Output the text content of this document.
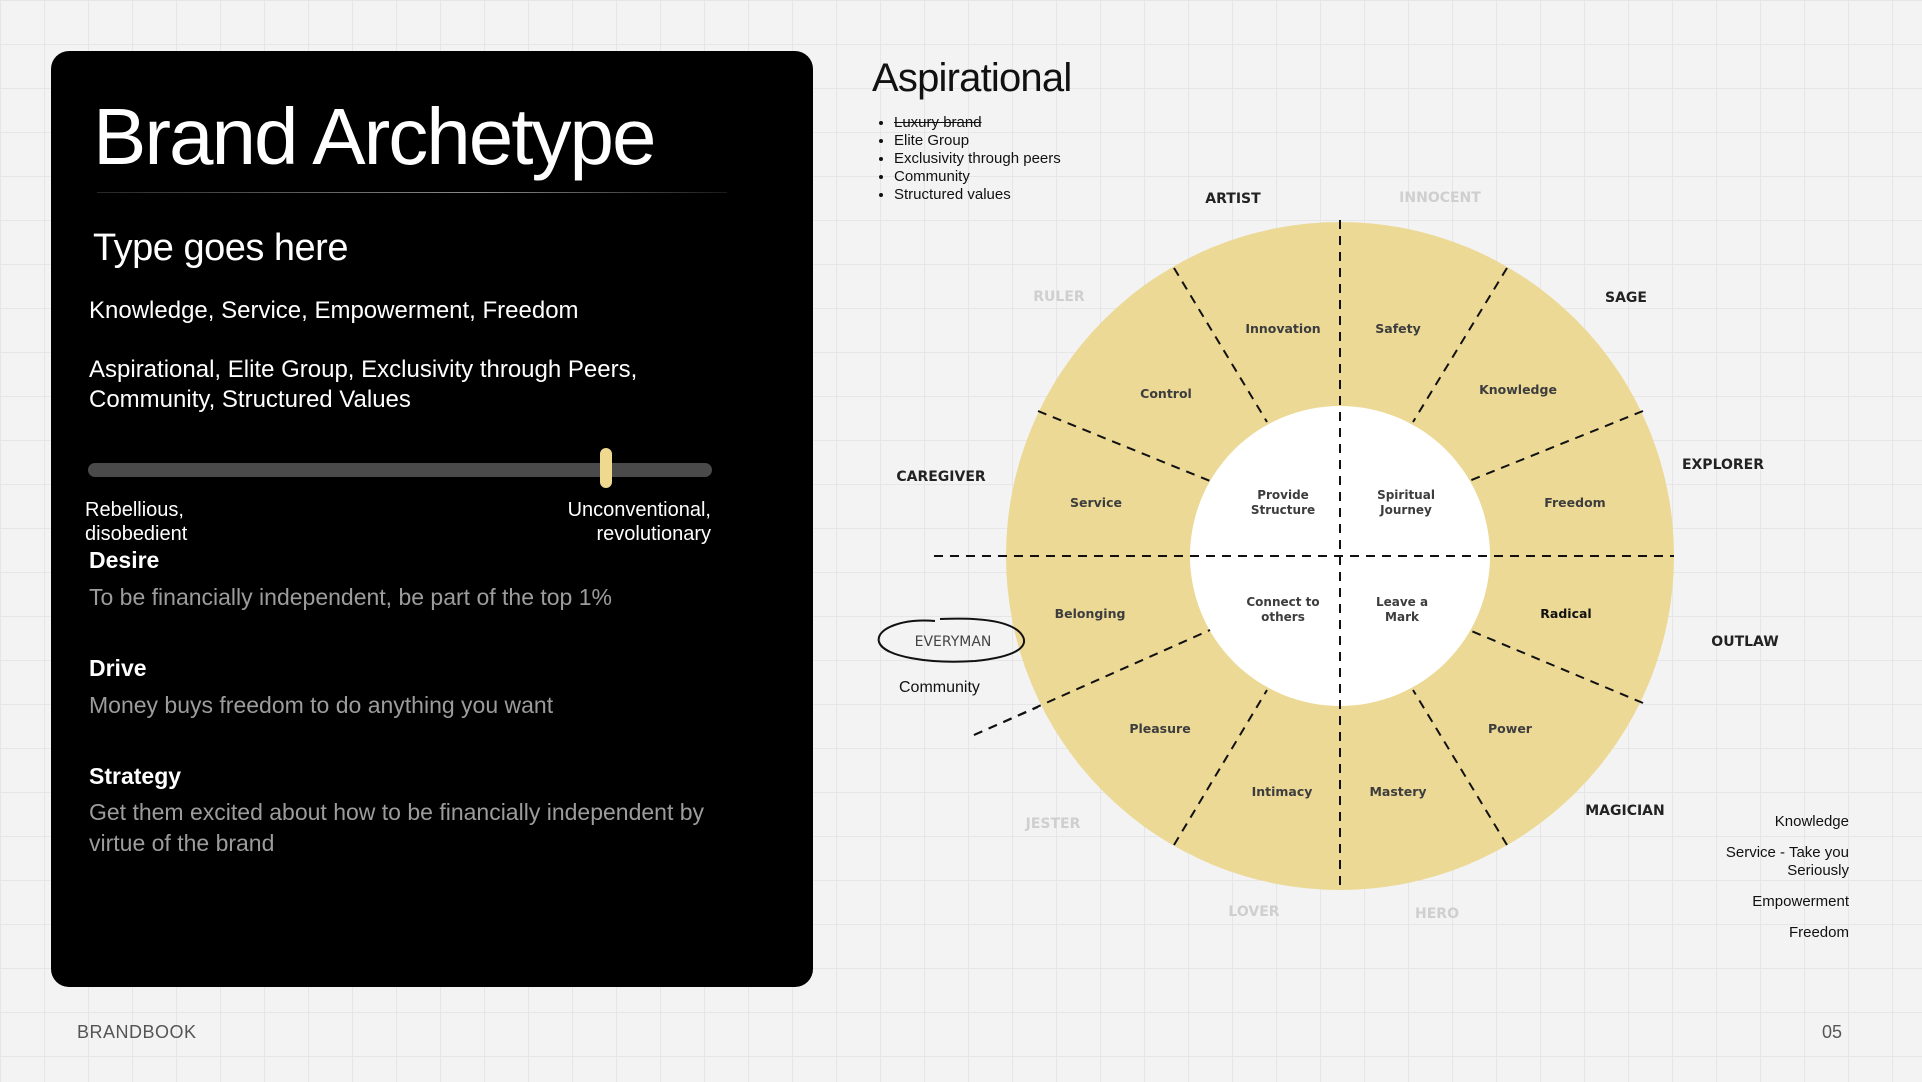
Brand Archetype
Type goes here
Knowledge, Service, Empowerment, Freedom
Aspirational, Elite Group, Exclusivity through Peers, Community, Structured Values
Rebellious,
disobedient
Unconventional,
revolutionary
Desire
To be financially independent, be part of the top 1%
Drive
Money buys freedom to do anything you want
Strategy
Get them excited about how to be financially independent by virtue of the brand
BRANDBOOK	05
Aspirational
• Luxury brand
• Elite Group
• Exclusivity through peers
• Community
• Structured values
Spiritual Journey
Leave a Mark
Connect to others
Provide Structure
Safety
Knowledge
Freedom
Radical
Power
Mastery
Intimacy
Pleasure
Belonging
Service
Control
Innovation
ARTIST	INNOCENT
SAGE
EXPLORER
OUTLAW
MAGICIAN
HERO
LOVER
JESTER
EVERYMAN
CAREGIVER
RULER
Community
Knowledge
Service - Take you
Seriously
Empowerment
Freedom
